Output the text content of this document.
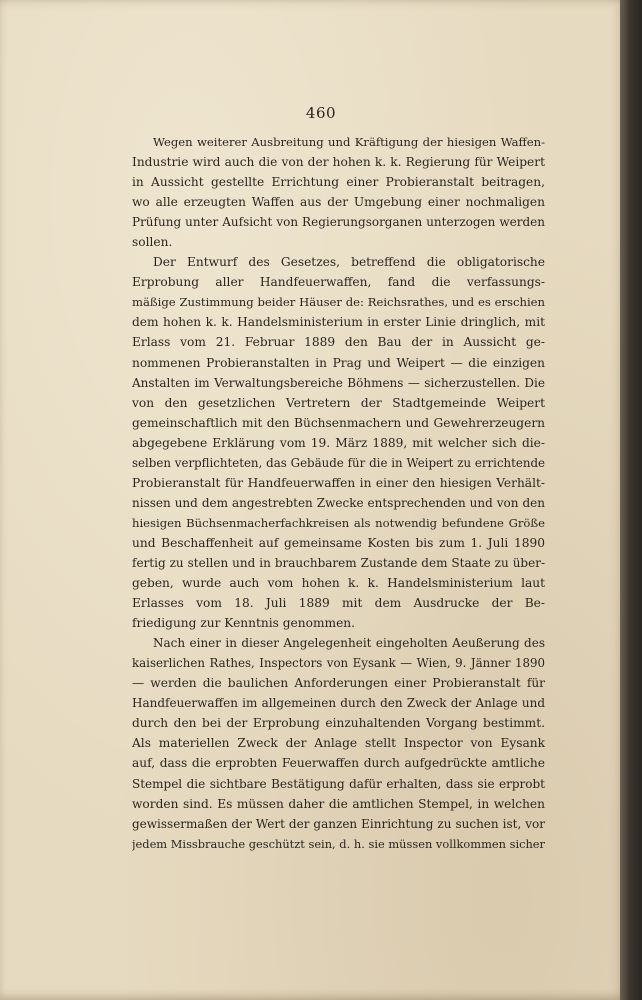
460
Wegen weiterer Ausbreitung und Kräftigung der hiesigen Waffen-
Industrie wird auch die von der hohen k. k. Regierung für Weipert
in Aussicht gestellte Errichtung einer Probieranstalt beitragen,
wo alle erzeugten Waffen aus der Umgebung einer nochmaligen
Prüfung unter Aufsicht von Regierungsorganen unterzogen werden
sollen.
Der Entwurf des Gesetzes, betreffend die obligatorische
Erprobung aller Handfeuerwaffen, fand die verfassungs-
mäßige Zustimmung beider Häuser de: Reichsrathes, und es erschien
dem hohen k. k. Handelsministerium in erster Linie dringlich, mit
Erlass vom 21. Februar 1889 den Bau der in Aussicht ge-
nommenen Probieranstalten in Prag und Weipert — die einzigen
Anstalten im Verwaltungsbereiche Böhmens — sicherzustellen. Die
von den gesetzlichen Vertretern der Stadtgemeinde Weipert
gemeinschaftlich mit den Büchsenmachern und Gewehrerzeugern
abgegebene Erklärung vom 19. März 1889, mit welcher sich die-
selben verpflichteten, das Gebäude für die in Weipert zu errichtende
Probieranstalt für Handfeuerwaffen in einer den hiesigen Verhält-
nissen und dem angestrebten Zwecke entsprechenden und von den
hiesigen Büchsenmacherfachkreisen als notwendig befundene Größe
und Beschaffenheit auf gemeinsame Kosten bis zum 1. Juli 1890
fertig zu stellen und in brauchbarem Zustande dem Staate zu über-
geben, wurde auch vom hohen k. k. Handelsministerium laut
Erlasses vom 18. Juli 1889 mit dem Ausdrucke der Be-
friedigung zur Kenntnis genommen.
Nach einer in dieser Angelegenheit eingeholten Aeußerung des
kaiserlichen Rathes, Inspectors von Eysank — Wien, 9. Jänner 1890
— werden die baulichen Anforderungen einer Probieranstalt für
Handfeuerwaffen im allgemeinen durch den Zweck der Anlage und
durch den bei der Erprobung einzuhaltenden Vorgang bestimmt.
Als materiellen Zweck der Anlage stellt Inspector von Eysank
auf, dass die erprobten Feuerwaffen durch aufgedrückte amtliche
Stempel die sichtbare Bestätigung dafür erhalten, dass sie erprobt
worden sind. Es müssen daher die amtlichen Stempel, in welchen
gewissermaßen der Wert der ganzen Einrichtung zu suchen ist, vor
jedem Missbrauche geschützt sein, d. h. sie müssen vollkommen sicher
